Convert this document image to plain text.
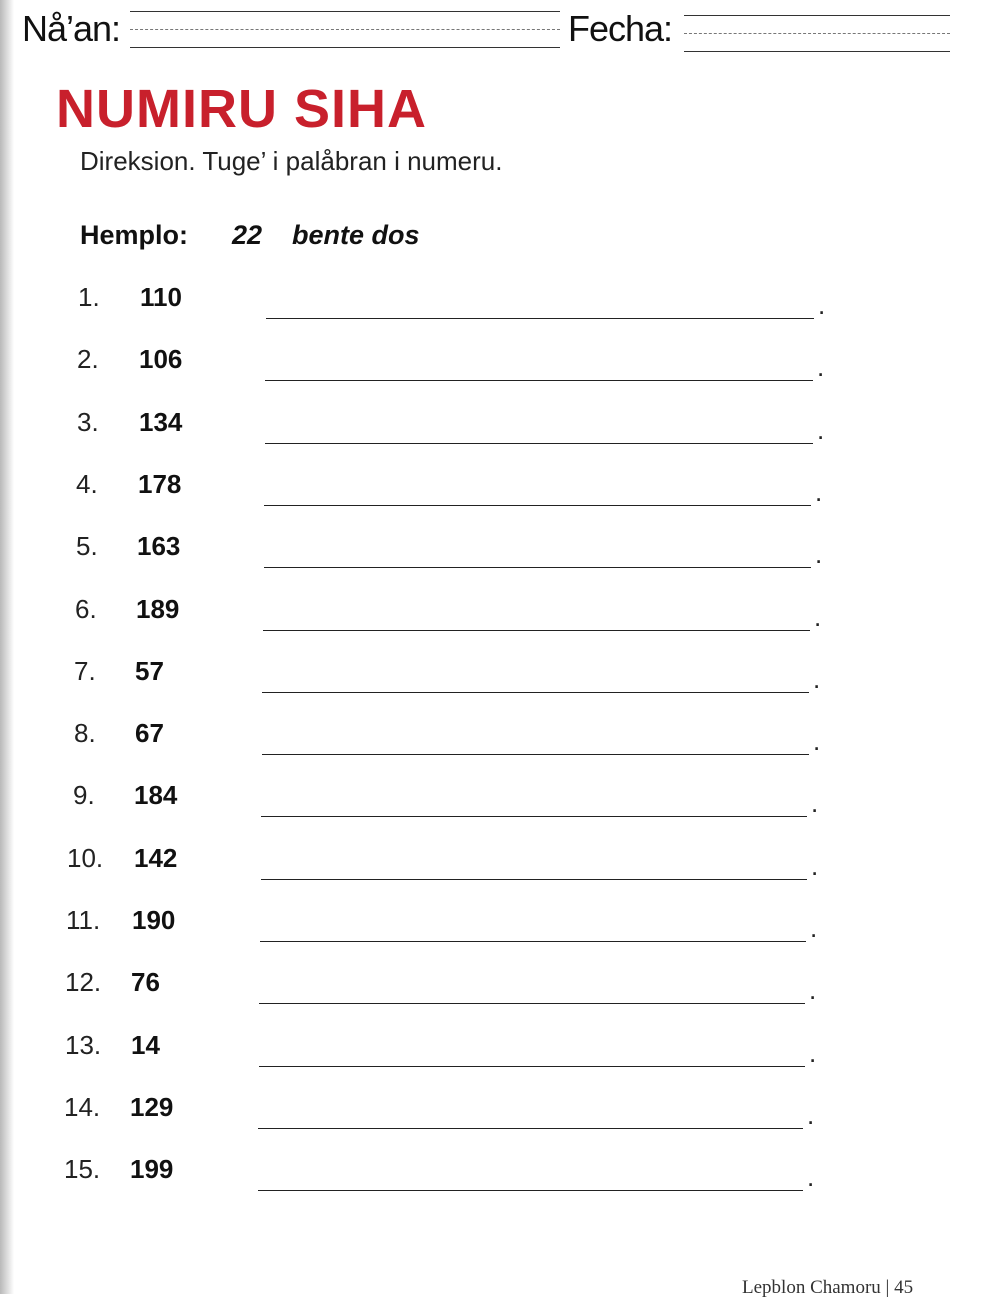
Nå’an:	Fecha:
NUMIRU SIHA
Direksion. Tuge’ i palåbran i numeru.
Hemplo: 22 bente dos
1. 110	.
2. 106	.
3. 134	.
4. 178	.
5. 163	.
6. 189	.
7. 57	.
8. 67	.
9. 184	.
10. 142	.
11. 190	.
12. 76	.
13. 14	.
14. 129	.
15. 199	.
Lepblon Chamoru | 45
